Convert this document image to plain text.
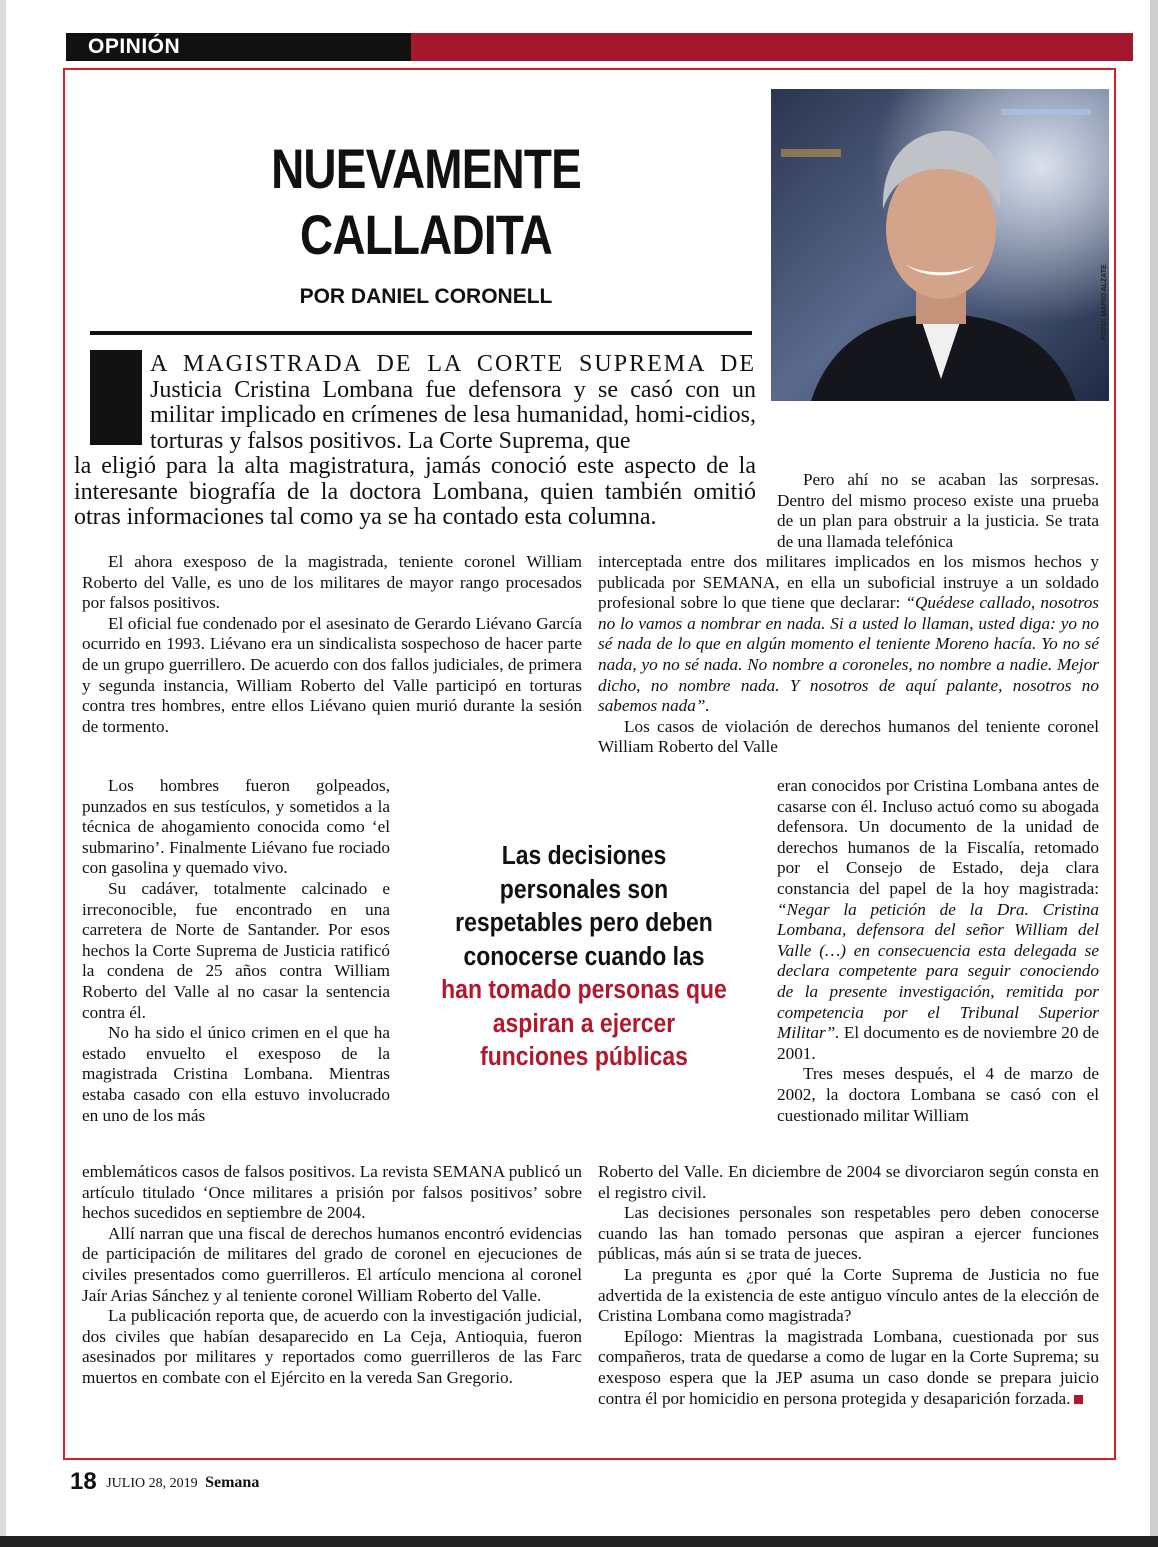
OPINIÓN
NUEVAMENTE
CALLADITA
POR DANIEL CORONELL	FOTO: MARIO ALZATE

A MAGISTRADA DE LA CORTE SUPREMA DE Justicia Cristina Lombana fue defensora y se casó con un militar implicado en crímenes de lesa humanidad, homi-cidios, torturas y falsos positivos. La Corte Suprema, que

la eligió para la alta magistratura, jamás conoció este aspecto de la interesante biografía de la doctora Lombana, quien también omitió otras informaciones tal como ya se ha contado esta columna.

El ahora exesposo de la magistrada, teniente coronel William Roberto del Valle, es uno de los militares de mayor rango procesados por falsos positivos.

El oficial fue condenado por el asesinato de Gerardo Liévano García ocurrido en 1993. Liévano era un sindicalista sospechoso de hacer parte de un grupo guerrillero. De acuerdo con dos fallos judiciales, de primera y segunda instancia, William Roberto del Valle participó en torturas contra tres hombres, entre ellos Liévano quien murió durante la sesión de tormento.

Los hombres fueron golpeados, punzados en sus testículos, y sometidos a la técnica de ahogamiento conocida como ‘el submarino’. Finalmente Liévano fue rociado con gasolina y quemado vivo.

Su cadáver, totalmente calcinado e irreconocible, fue encontrado en una carretera de Norte de Santander. Por esos hechos la Corte Suprema de Justicia ratificó la condena de 25 años contra William Roberto del Valle al no casar la sentencia contra él.

No ha sido el único crimen en el que ha estado envuelto el exesposo de la magistrada Cristina Lombana. Mientras estaba casado con ella estuvo involucrado en uno de los más

emblemáticos casos de falsos positivos. La revista SEMANA publicó un artículo titulado ‘Once militares a prisión por falsos positivos’ sobre hechos sucedidos en septiembre de 2004.

Allí narran que una fiscal de derechos humanos encontró evidencias de participación de militares del grado de coronel en ejecuciones de civiles presentados como guerrilleros. El artículo menciona al coronel Jaír Arias Sánchez y al teniente coronel William Roberto del Valle.

La publicación reporta que, de acuerdo con la investigación judicial, dos civiles que habían desaparecido en La Ceja, Antioquia, fueron asesinados por militares y reportados como guerrilleros de las Farc muertos en combate con el Ejército en la vereda San Gregorio.

Pero ahí no se acaban las sorpresas. Dentro del mismo proceso existe una prueba de un plan para obstruir a la justicia. Se trata de una llamada telefónica

interceptada entre dos militares implicados en los mismos hechos y publicada por SEMANA, en ella un suboficial instruye a un soldado profesional sobre lo que tiene que declarar: “Quédese callado, nosotros no lo vamos a nombrar en nada. Si a usted lo llaman, usted diga: yo no sé nada de lo que en algún momento el teniente Moreno hacía. Yo no sé nada, yo no sé nada. No nombre a coroneles, no nombre a nadie. Mejor dicho, no nombre nada. Y nosotros de aquí palante, nosotros no sabemos nada”.

Los casos de violación de derechos humanos del teniente coronel William Roberto del Valle

eran conocidos por Cristina Lombana antes de casarse con él. Incluso actuó como su abogada defensora. Un documento de la unidad de derechos humanos de la Fiscalía, retomado por el Consejo de Estado, deja clara constancia del papel de la hoy magistrada: “Negar la petición de la Dra. Cristina Lombana, defensora del señor William del Valle (…) en consecuencia esta delegada se declara competente para seguir conociendo de la presente investigación, remitida por competencia por el Tribunal Superior Militar”. El documento es de noviembre 20 de 2001.

Tres meses después, el 4 de marzo de 2002, la doctora Lombana se casó con el cuestionado militar William

Roberto del Valle. En diciembre de 2004 se divorciaron según consta en el registro civil.

Las decisiones personales son respetables pero deben conocerse cuando las han tomado personas que aspiran a ejercer funciones públicas, más aún si se trata de jueces.

La pregunta es ¿por qué la Corte Suprema de Justicia no fue advertida de la existencia de este antiguo vínculo antes de la elección de Cristina Lombana como magistrada?

Epílogo: Mientras la magistrada Lombana, cuestionada por sus compañeros, trata de quedarse a como de lugar en la Corte Suprema; su exesposo espera que la JEP asuma un caso donde se prepara juicio contra él por homicidio en persona protegida y desaparición forzada.

Las decisiones personales son respetables pero deben conocerse cuando las han tomado personas que aspiran a ejercer funciones públicas
18 JULIO 28, 2019 Semana
